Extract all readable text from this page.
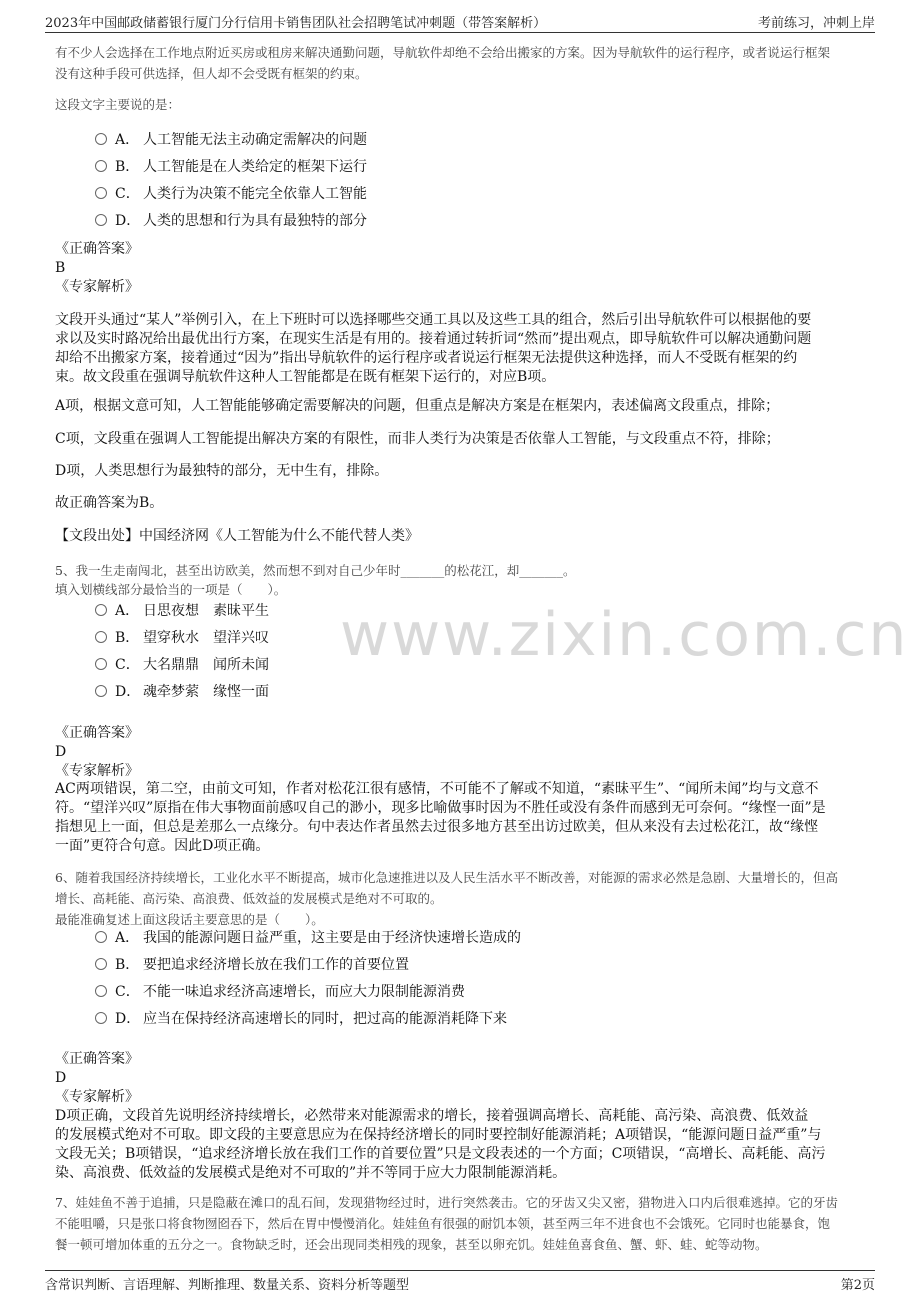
2023年中国邮政储蓄银行厦门分行信用卡销售团队社会招聘笔试冲刺题（带答案解析）	考前练习，冲刺上岸
www.zixin.com.cn
有不少人会选择在工作地点附近买房或租房来解决通勤问题，导航软件却绝不会给出搬家的方案。因为导航软件的运行程序，或者说运行框架
没有这种手段可供选择，但人却不会受既有框架的约束。
这段文字主要说的是：
A． 人工智能无法主动确定需解决的问题
B． 人工智能是在人类给定的框架下运行
C． 人类行为决策不能完全依靠人工智能
D． 人类的思想和行为具有最独特的部分
《正确答案》
B
《专家解析》
文段开头通过“某人”举例引入，在上下班时可以选择哪些交通工具以及这些工具的组合，然后引出导航软件可以根据他的要
求以及实时路况给出最优出行方案，在现实生活是有用的。接着通过转折词“然而”提出观点，即导航软件可以解决通勤问题
却给不出搬家方案，接着通过“因为”指出导航软件的运行程序或者说运行框架无法提供这种选择，而人不受既有框架的约
束。故文段重在强调导航软件这种人工智能都是在既有框架下运行的，对应B项。
A项，根据文意可知，人工智能能够确定需要解决的问题，但重点是解决方案是在框架内，表述偏离文段重点，排除；
C项，文段重在强调人工智能提出解决方案的有限性，而非人类行为决策是否依靠人工智能，与文段重点不符，排除；
D项，人类思想行为最独特的部分，无中生有，排除。
故正确答案为B。
【文段出处】中国经济网《人工智能为什么不能代替人类》
5、我一生走南闯北，甚至出访欧美，然而想不到对自己少年时_______的松花江，却_______。
填入划横线部分最恰当的一项是（　　）。
A． 日思夜想　素昧平生
B． 望穿秋水　望洋兴叹
C． 大名鼎鼎　闻所未闻
D． 魂牵梦萦　缘悭一面
《正确答案》
D
《专家解析》
AC两项错误，第二空，由前文可知，作者对松花江很有感情，不可能不了解或不知道，“素昧平生”、“闻所未闻”均与文意不
符。“望洋兴叹”原指在伟大事物面前感叹自己的渺小，现多比喻做事时因为不胜任或没有条件而感到无可奈何。“缘悭一面”是
指想见上一面，但总是差那么一点缘分。句中表达作者虽然去过很多地方甚至出访过欧美，但从来没有去过松花江，故“缘悭
一面”更符合句意。因此D项正确。
6、随着我国经济持续增长，工业化水平不断提高，城市化急速推进以及人民生活水平不断改善，对能源的需求必然是急剧、大量增长的，但高
增长、高耗能、高污染、高浪费、低效益的发展模式是绝对不可取的。
最能准确复述上面这段话主要意思的是（　　）。
A． 我国的能源问题日益严重，这主要是由于经济快速增长造成的
B． 要把追求经济增长放在我们工作的首要位置
C． 不能一味追求经济高速增长，而应大力限制能源消费
D． 应当在保持经济高速增长的同时，把过高的能源消耗降下来
《正确答案》
D
《专家解析》
D项正确，文段首先说明经济持续增长，必然带来对能源需求的增长，接着强调高增长、高耗能、高污染、高浪费、低效益
的发展模式绝对不可取。即文段的主要意思应为在保持经济增长的同时要控制好能源消耗；A项错误，“能源问题日益严重”与
文段无关；B项错误，“追求经济增长放在我们工作的首要位置”只是文段表述的一个方面；C项错误，“高增长、高耗能、高污
染、高浪费、低效益的发展模式是绝对不可取的”并不等同于应大力限制能源消耗。
7、娃娃鱼不善于追捕，只是隐蔽在滩口的乱石间，发现猎物经过时，进行突然袭击。它的牙齿又尖又密，猎物进入口内后很难逃掉。它的牙齿
不能咀嚼，只是张口将食物囫囵吞下，然后在胃中慢慢消化。娃娃鱼有很强的耐饥本领，甚至两三年不进食也不会饿死。它同时也能暴食，饱
餐一顿可增加体重的五分之一。食物缺乏时，还会出现同类相残的现象，甚至以卵充饥。娃娃鱼喜食鱼、蟹、虾、蛙、蛇等动物。
含常识判断、言语理解、判断推理、数量关系、资料分析等题型	第2页
